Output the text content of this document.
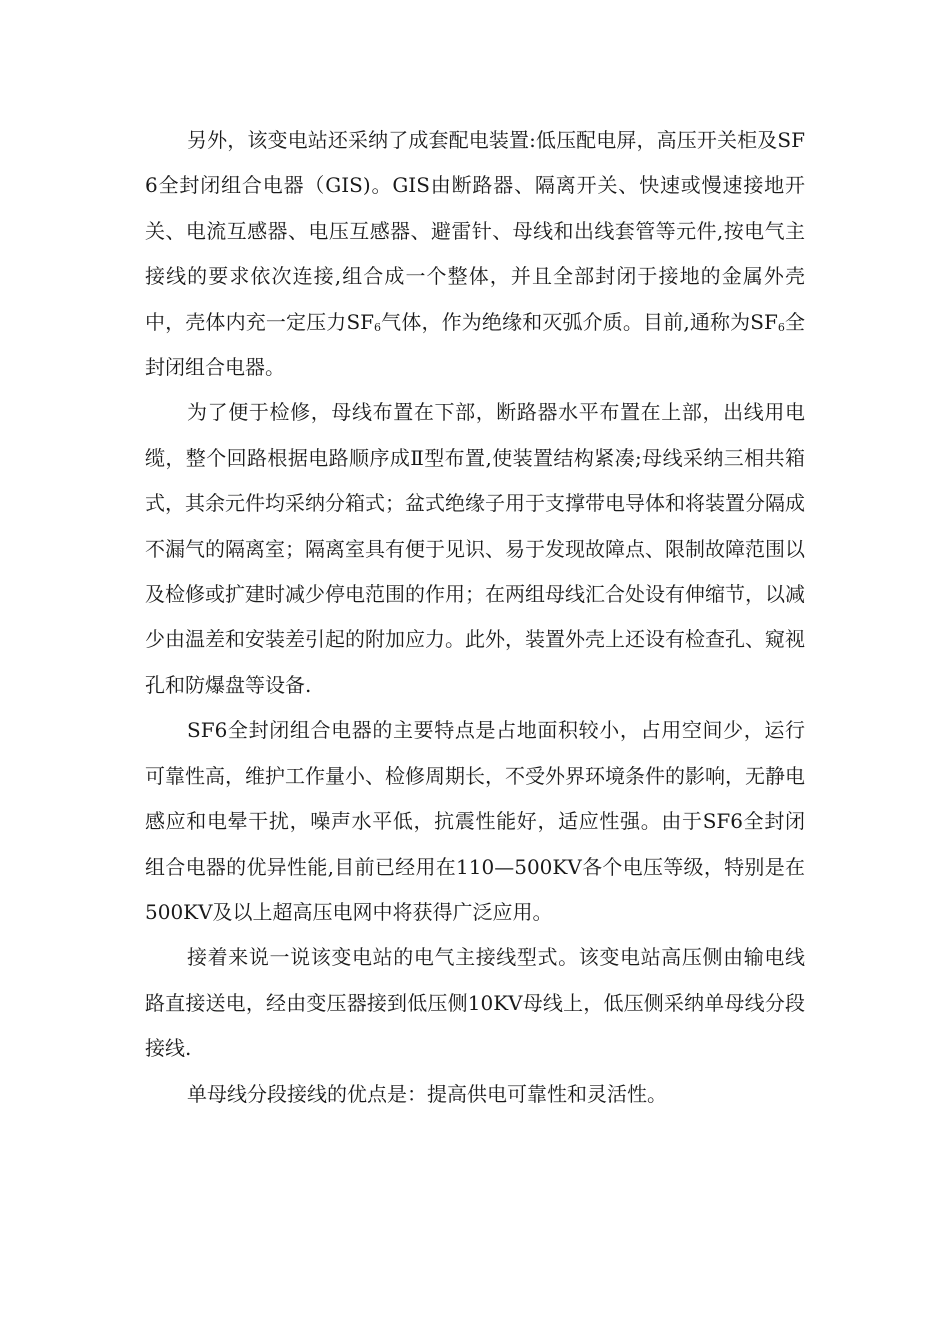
另外，该变电站还采纳了成套配电装置:低压配电屏，高压开关柜及SF6全封闭组合电器（GIS)。GIS由断路器、隔离开关、快速或慢速接地开关、电流互感器、电压互感器、避雷针、母线和出线套管等元件,按电气主接线的要求依次连接,组合成一个整体，并且全部封闭于接地的金属外壳中，壳体内充一定压力$SF_6$气体，作为绝缘和灭弧介质。目前,通称为$SF_6$全封闭组合电器。

为了便于检修，母线布置在下部，断路器水平布置在上部，出线用电缆，整个回路根据电路顺序成Ⅱ型布置,使装置结构紧凑;母线采纳三相共箱式，其余元件均采纳分箱式；盆式绝缘子用于支撑带电导体和将装置分隔成不漏气的隔离室；隔离室具有便于见识、易于发现故障点、限制故障范围以及检修或扩建时减少停电范围的作用；在两组母线汇合处设有伸缩节，以减少由温差和安装差引起的附加应力。此外，装置外壳上还设有检查孔、窥视孔和防爆盘等设备.

SF6全封闭组合电器的主要特点是占地面积较小，占用空间少，运行可靠性高，维护工作量小、检修周期长，不受外界环境条件的影响，无静电感应和电晕干扰，噪声水平低，抗震性能好，适应性强。由于SF6全封闭组合电器的优异性能,目前已经用在110—500KV各个电压等级，特别是在500KV及以上超高压电网中将获得广泛应用。

接着来说一说该变电站的电气主接线型式。该变电站高压侧由输电线路直接送电，经由变压器接到低压侧10KV母线上，低压侧采纳单母线分段接线.

单母线分段接线的优点是：提高供电可靠性和灵活性。
